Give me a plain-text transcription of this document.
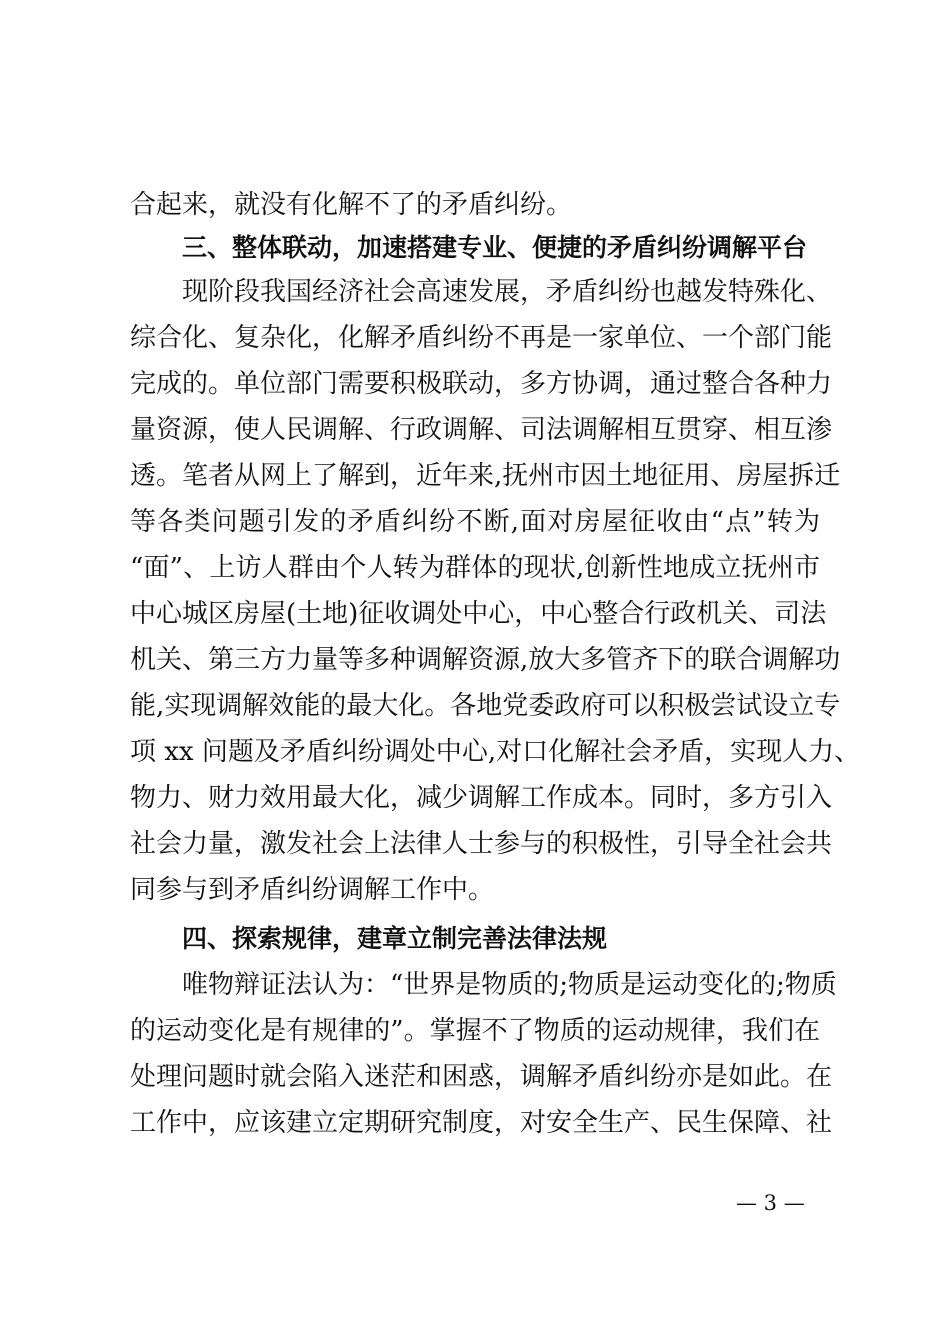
合起来，就没有化解不了的矛盾纠纷。
三、整体联动，加速搭建专业、便捷的矛盾纠纷调解平台
现阶段我国经济社会高速发展，矛盾纠纷也越发特殊化、
综合化、复杂化，化解矛盾纠纷不再是一家单位、一个部门能
完成的。单位部门需要积极联动，多方协调，通过整合各种力
量资源，使人民调解、行政调解、司法调解相互贯穿、相互渗
透。笔者从网上了解到，近年来,抚州市因土地征用、房屋拆迁
等各类问题引发的矛盾纠纷不断,面对房屋征收由“点”转为
“面”、上访人群由个人转为群体的现状,创新性地成立抚州市
中心城区房屋(土地)征收调处中心，中心整合行政机关、司法
机关、第三方力量等多种调解资源,放大多管齐下的联合调解功
能,实现调解效能的最大化。各地党委政府可以积极尝试设立专
项 xx 问题及矛盾纠纷调处中心,对口化解社会矛盾，实现人力、
物力、财力效用最大化，减少调解工作成本。同时，多方引入
社会力量，激发社会上法律人士参与的积极性，引导全社会共
同参与到矛盾纠纷调解工作中。
四、探索规律，建章立制完善法律法规
唯物辩证法认为：“世界是物质的;物质是运动变化的;物质
的运动变化是有规律的”。掌握不了物质的运动规律，我们在
处理问题时就会陷入迷茫和困惑，调解矛盾纠纷亦是如此。在
工作中，应该建立定期研究制度，对安全生产、民生保障、社
— 3 —
